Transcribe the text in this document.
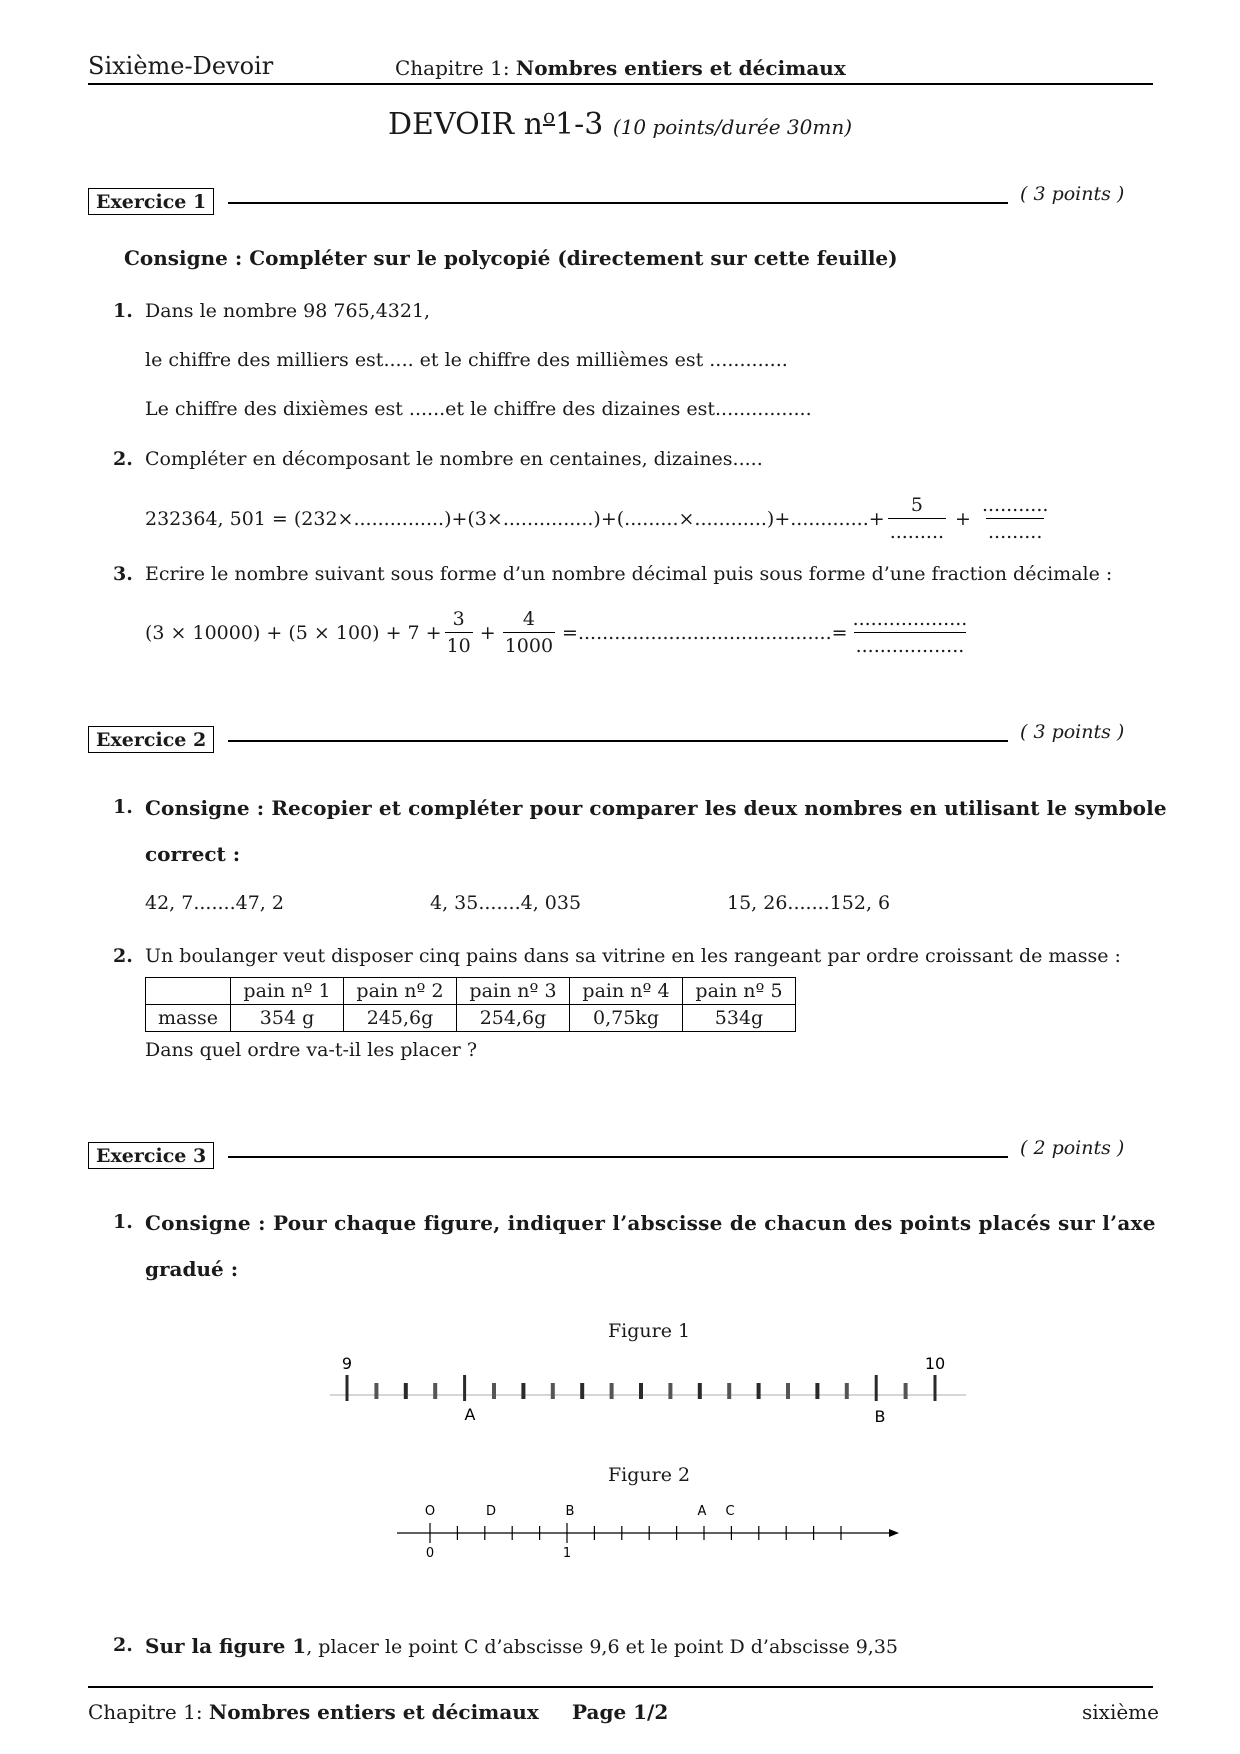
Sixième-Devoir	Chapitre 1: Nombres entiers et décimaux
DEVOIR $n^o1-3$ (10 points/durée 30mn)
Exercice 1	( 3 points )
Consigne : Compléter sur le polycopié (directement sur cette feuille)
1. Dans le nombre 98 765,4321,
le chiffre des milliers est..... et le chiffre des millièmes est .............
Le chiffre des dixièmes est ......et le chiffre des dizaines est................
2. Compléter en décomposant le nombre en centaines, dizaines.....
232364, $501 = (232\times...............)+(3\times...............)+(.........\times............)+.............+ \frac{5}{.........} + \frac{...........}{.........}$
3. Ecrire le nombre suivant sous forme d’un nombre décimal puis sous forme d’une fraction décimale :
$(3 \times 10000) + (5 \times 100) + 7 + \frac{3}{10} + \frac{4}{1000}$ =..........................................= $\frac{...................}{..................}$
Exercice 2	( 3 points )
1. Consigne : Recopier et compléter pour comparer les deux nombres en utilisant le symbole
correct :
42, 7.......47, 2	4, 35.......4, 035	15, 26.......152, 6
2. Un boulanger veut disposer cinq pains dans sa vitrine en les rangeant par ordre croissant de masse :
	pain nº 1	pain nº 2	pain nº 3	pain nº 4	pain nº 5
masse	354 g	245,6g	254,6g	0,75kg	534g
Dans quel ordre va-t-il les placer ?
Exercice 3	( 2 points )
1. Consigne : Pour chaque figure, indiquer l’abscisse de chacun des points placés sur l’axe
gradué :
Figure 1
9	10
A	B
Figure 2
O	D	B	A C
0	1
2. Sur la figure 1, placer le point C d’abscisse 9,6 et le point D d’abscisse 9,35
Chapitre 1: Nombres entiers et décimaux Page 1/2	sixième
